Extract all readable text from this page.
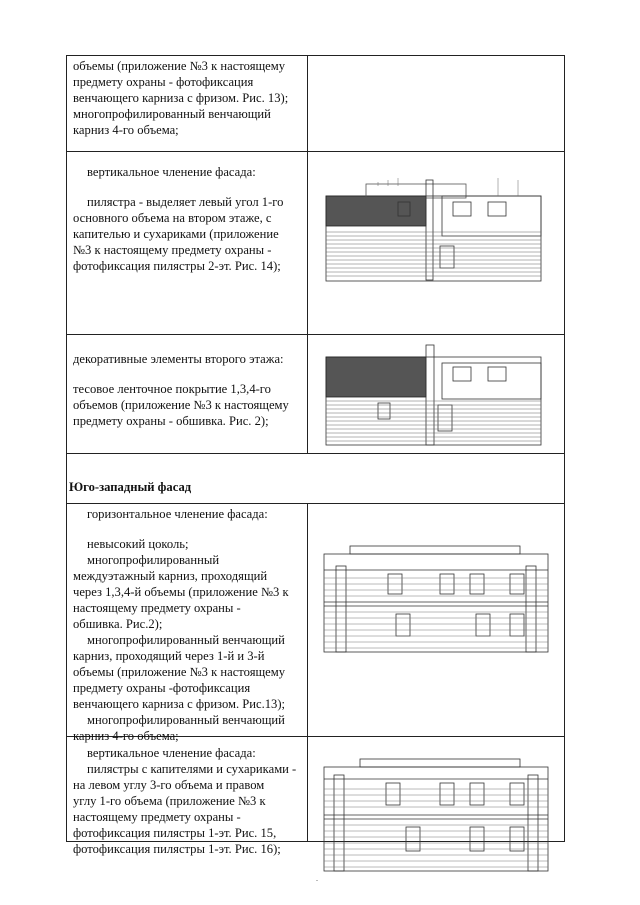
объемы (приложение №3 к настоящему

предмету охраны - фотофиксация

венчающего карниза с фризом. Рис. 13);

многопрофилированный венчающий

карниз 4-го объема;

вертикальное членение фасада:

пилястра - выделяет левый угол 1-го

основного объема на втором этаже, с

капителью и сухариками (приложение

№3 к настоящему предмету охраны -

фотофиксация пилястры 2-эт. Рис. 14);

декоративные элементы второго этажа:

тесовое ленточное покрытие 1,3,4-го

объемов (приложение №3 к настоящему

предмету охраны - обшивка. Рис. 2);

Юго-западный фасад

горизонтальное членение фасада:

невысокий цоколь;

многопрофилированный

междуэтажный карниз, проходящий

через 1,3,4-й объемы (приложение №3 к

настоящему предмету охраны -

обшивка. Рис.2);

многопрофилированный венчающий

карниз, проходящий через 1-й и 3-й

объемы (приложение №3 к настоящему

предмету охраны -фотофиксация

венчающего карниза с фризом. Рис.13);

многопрофилированный венчающий

карниз 4-го объема;

вертикальное членение фасада:

пилястры с капителями и сухариками -

на левом углу 3-го объема и правом

углу 1-го объема (приложение №3 к

настоящему предмету охраны -

фотофиксация пилястры 1-эт. Рис. 15,

фотофиксация пилястры 1-эт. Рис. 16);
